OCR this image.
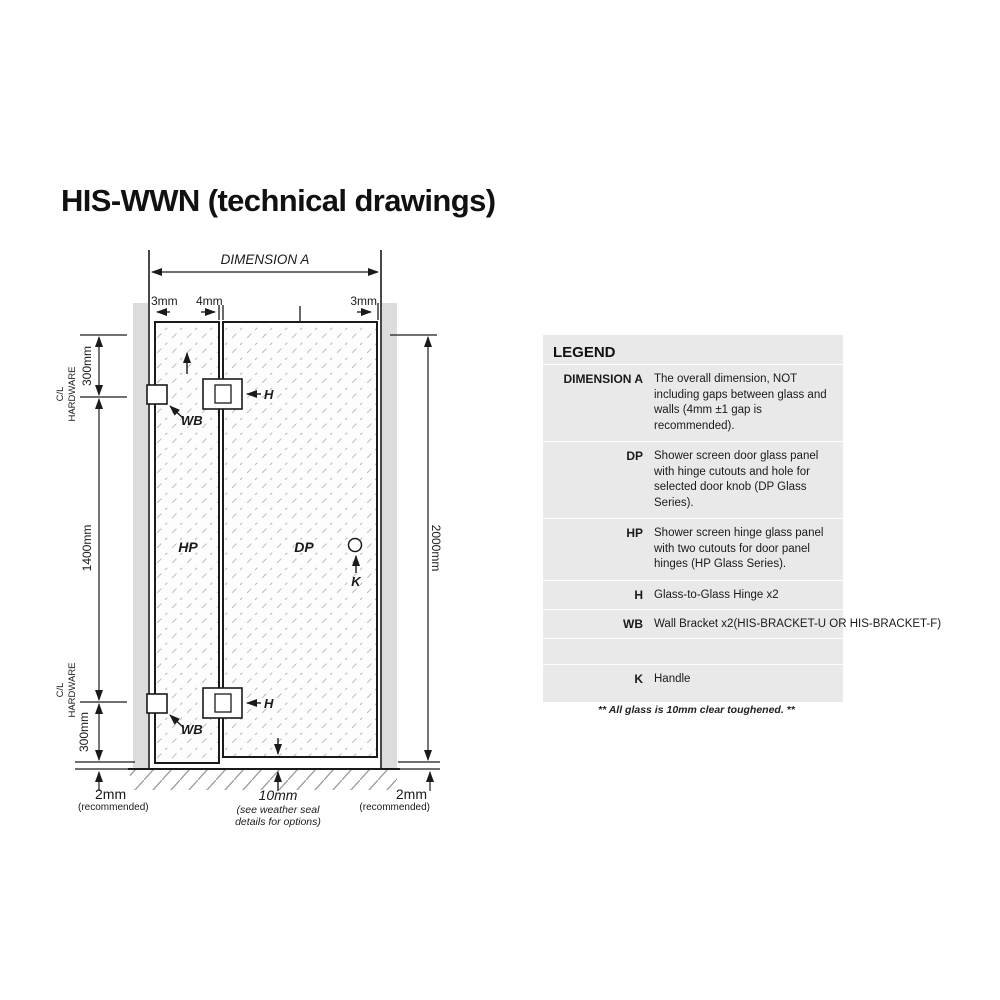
HIS-WWN (technical drawings)
DIMENSION A
3mm 4mm	3mm
300mm
C/L HARDWARE
1400mm
C/L HARDWARE
300mm
2mm
(recommended)
2000mm
2mm
(recommended)
H
H
WB
WB
HP	DP
K
10mm
(see weather seal
details for options)
LEGEND
DIMENSION A The overall dimension, NOT including gaps between glass and walls (4mm ±1 gap is recommended).
DP Shower screen door glass panel with hinge cutouts and hole for selected door knob (DP Glass Series).
HP Shower screen hinge glass panel with two cutouts for door panel hinges (HP Glass Series).
H Glass-to-Glass Hinge x2
WB Wall Bracket x2(HIS-BRACKET-U OR HIS-BRACKET-F)
K Handle
** All glass is 10mm clear toughened. **
